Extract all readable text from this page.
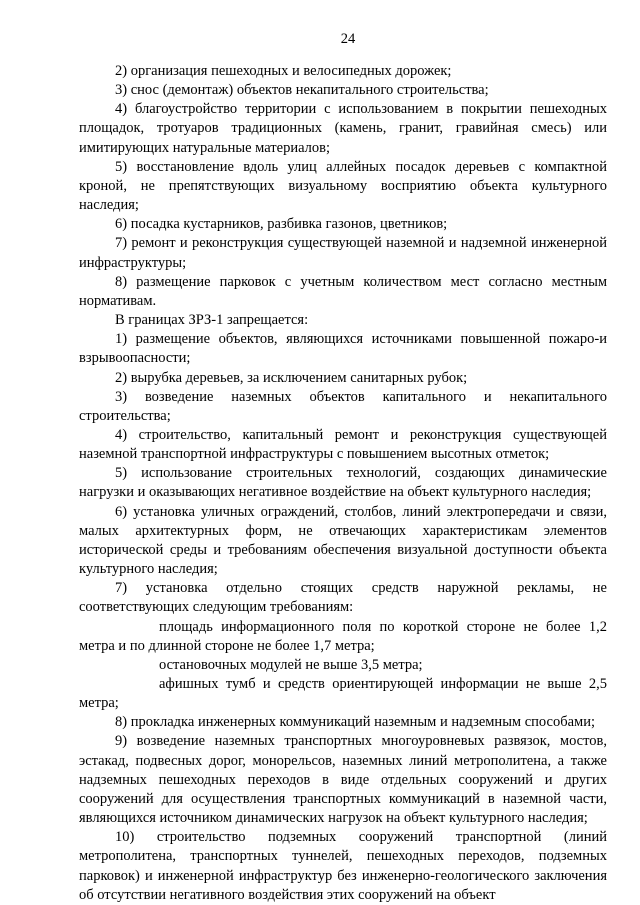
24

2) организация пешеходных и велосипедных дорожек;

3) снос (демонтаж) объектов некапитального строительства;

4) благоустройство территории с использованием в покрытии пешеходных площадок, тротуаров традиционных (камень, гранит, гравийная смесь) или имитирующих натуральные материалов;

5) восстановление вдоль улиц аллейных посадок деревьев с компактной кроной, не препятствующих визуальному восприятию объекта культурного наследия;

6) посадка кустарников, разбивка газонов, цветников;

7) ремонт и реконструкция существующей наземной и надземной инженерной инфраструктуры;

8) размещение парковок с учетным количеством мест согласно местным нормативам.

В границах ЗРЗ-1 запрещается:

1) размещение объектов, являющихся источниками повышенной пожаро-и взрывоопасности;

2) вырубка деревьев, за исключением санитарных рубок;

3) возведение наземных объектов капитального и некапитального строительства;

4) строительство, капитальный ремонт и реконструкция существующей наземной транспортной инфраструктуры с повышением высотных отметок;

5) использование строительных технологий, создающих динамические нагрузки и оказывающих негативное воздействие на объект культурного наследия;

6) установка уличных ограждений, столбов, линий электропередачи и связи, малых архитектурных форм, не отвечающих характеристикам элементов исторической среды и требованиям обеспечения визуальной доступности объекта культурного наследия;

7) установка отдельно стоящих средств наружной рекламы, не соответствующих следующим требованиям:

площадь информационного поля по короткой стороне не более 1,2 метра и по длинной стороне не более 1,7 метра;

остановочных модулей не выше 3,5 метра;

афишных тумб и средств ориентирующей информации не выше 2,5 метра;

8) прокладка инженерных коммуникаций наземным и надземным способами;

9) возведение наземных транспортных многоуровневых развязок, мостов, эстакад, подвесных дорог, монорельсов, наземных линий метрополитена, а также надземных пешеходных переходов в виде отдельных сооружений и других сооружений для осуществления транспортных коммуникаций в наземной части, являющихся источником динамических нагрузок на объект культурного наследия;

10) строительство подземных сооружений транспортной (линий метрополитена, транспортных туннелей, пешеходных переходов, подземных парковок) и инженерной инфраструктур без инженерно-геологического заключения об отсутствии негативного воздействия этих сооружений на объект
